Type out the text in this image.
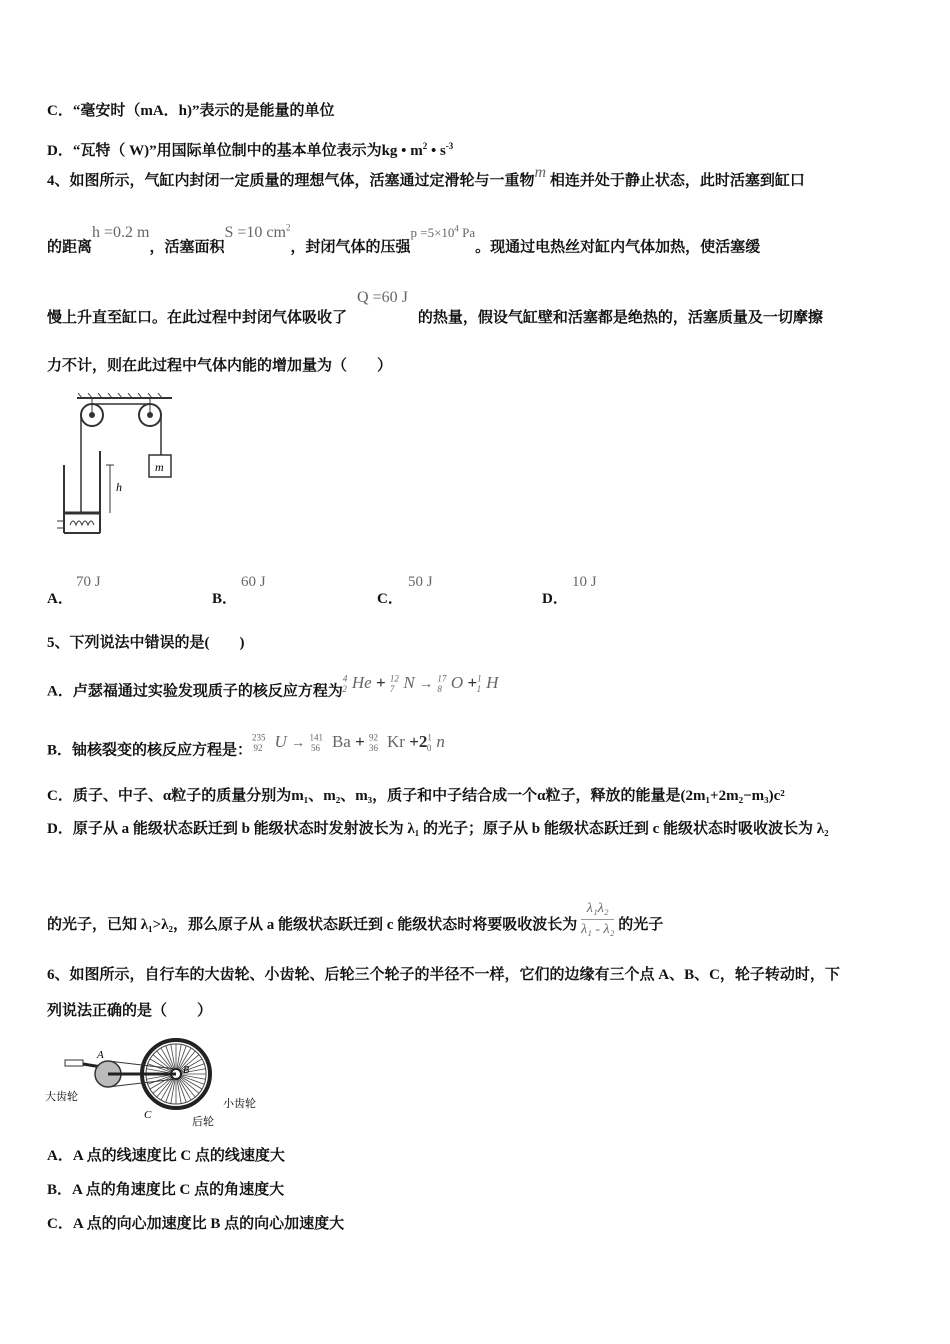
C．“毫安时（mA．h)”表示的是能量的单位
D．“瓦特（ W)”用国际单位制中的基本单位表示为kg • $m^2$ • $s^{-3}$
4、如图所示，气缸内封闭一定质量的理想气体，活塞通过定滑轮与一重物m 相连并处于静止状态，此时活塞到缸口
的距离h =0.2 m，活塞面积S =10 $cm^2$，封闭气体的压强$p =5\times 10^4$ Pa。现通过电热丝对缸内气体加热，使活塞缓
慢上升直至缸口。在此过程中封闭气体吸收了Q =60 J的热量，假设气缸壁和活塞都是绝热的，活塞质量及一切摩擦
力不计，则在此过程中气体内能的增加量为（　　）
m
h
A．
70 J
B．
60 J
C．
50 J
D．
10 J
5、下列说法中错误的是(　　)
A．卢瑟福通过实验发现质子的核反应方程为$^4_2$ He + $^{12}_7$ N → $^{17}_8$ O +$^1_1$ H
B．铀核裂变的核反应方程是：$^{235}_{92}$ U → $^{141}_{56}$ Ba + $^{92}_{36}$ $Kr +2^1_0$ n
C．质子、中子、α粒子的质量分别为m₁、m₂、m₃，质子和中子结合成一个α粒子，释放的能量是(2m₁+2m₂−m₃)c²
D．原子从 a 能级状态跃迁到 b 能级状态时发射波长为 λ₁ 的光子；原子从 b 能级状态跃迁到 c 能级状态时吸收波长为 λ₂
的光子，已知 λ₁>λ₂，那么原子从 a 能级状态跃迁到 c 能级状态时将要吸收波长为 $\frac{\text{λ₁λ₂}}{\text{λ₁ - λ₂}}$ 的光子
6、如图所示，自行车的大齿轮、小齿轮、后轮三个轮子的半径不一样，它们的边缘有三个点 A、B、C，轮子转动时，下
列说法正确的是（　　）
A
B
C
大齿轮
小齿轮
后轮
A．A 点的线速度比 C 点的线速度大
B．A 点的角速度比 C 点的角速度大
C．A 点的向心加速度比 B 点的向心加速度大
